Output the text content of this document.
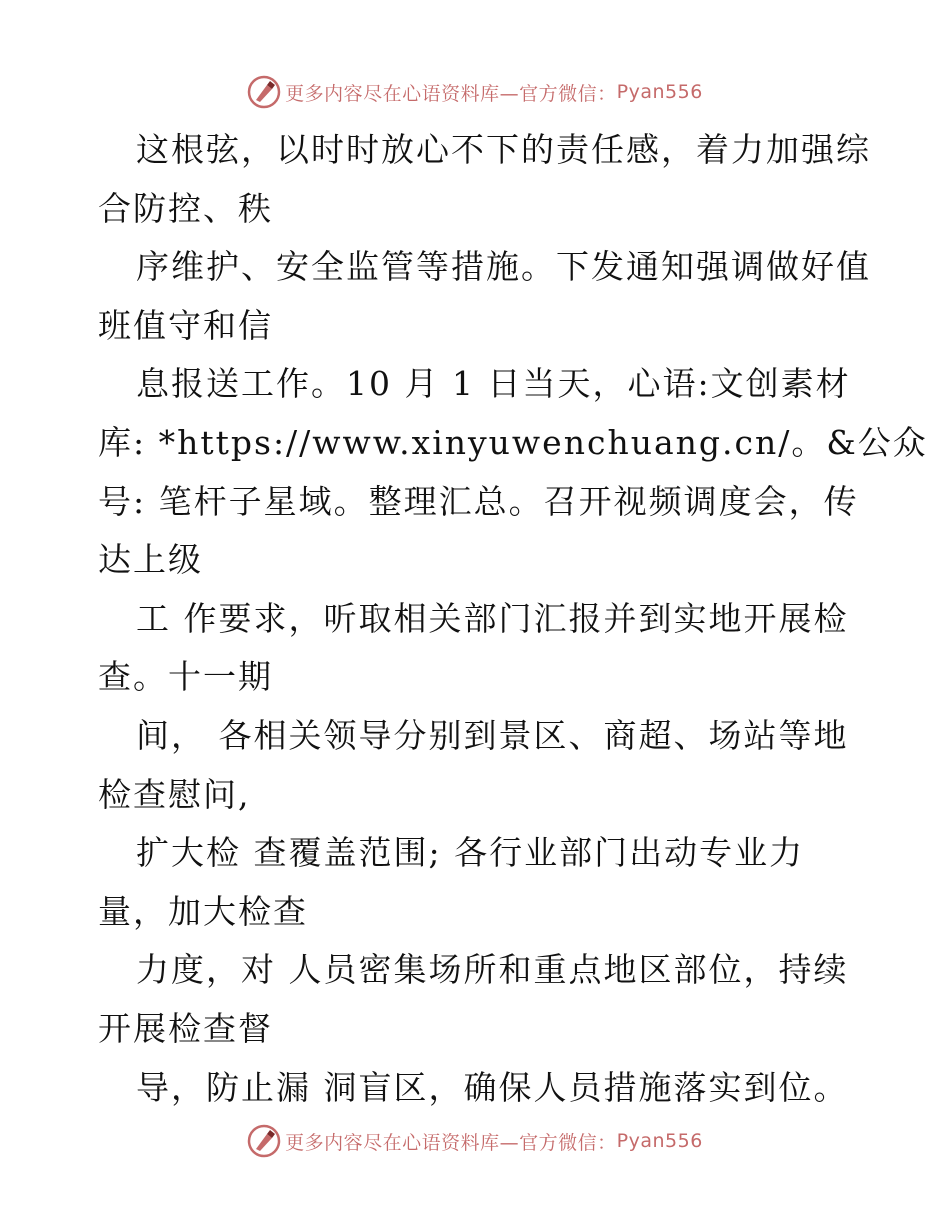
更多内容尽在心语资料库—官方微信： Pyan556
这根弦，以时时放心不下的责任感，着力加强综
合防控、秩
序维护、安全监管等措施。下发通知强调做好值
班值守和信
息报送工作。10 月 1 日当天，心语:文创素材
库: *https://www.xinyuwenchuang.cn/。&公众
号: 笔杆子星域。整理汇总。召开视频调度会，传
达上级
工 作要求，听取相关部门汇报并到实地开展检
查。十一期
间， 各相关领导分别到景区、商超、场站等地
检查慰问,
扩大检 查覆盖范围; 各行业部门出动专业力
量，加大检查
力度，对 人员密集场所和重点地区部位，持续
开展检查督
导，防止漏 洞盲区，确保人员措施落实到位。
更多内容尽在心语资料库—官方微信： Pyan556
